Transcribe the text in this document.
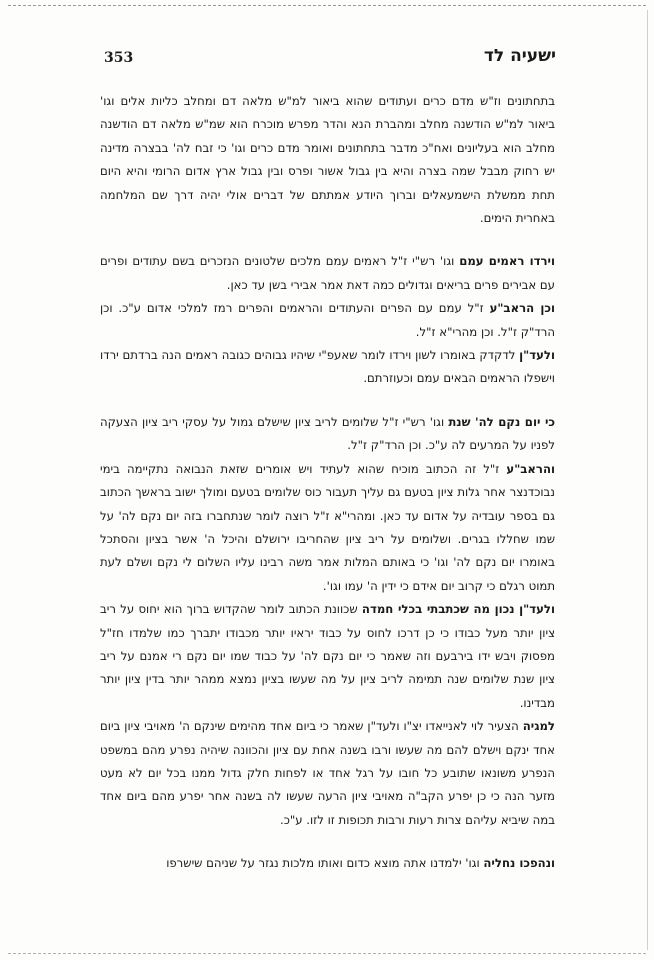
353	ישעיה לד

בתחתונים וז"ש מדם כרים ועתודים שהוא ביאור למ"ש מלאה דם ומחלב כליות אלים וגו' ביאור למ"ש הודשנה מחלב ומהברת הנא והדר מפרש מוכרח הוא שמ"ש מלאה דם הודשנה מחלב הוא בעליונים ואח"כ מדבר בתחתונים ואומר מדם כרים וגו' כי זבח לה' בבצרה מדינה יש רחוק מבבל שמה בצרה והיא בין גבול אשור ופרס ובין גבול ארץ אדום הרומי והיא היום תחת ממשלת הישמעאלים וברוך היודע אמתתם של דברים אולי יהיה דרך שם המלחמה באחרית הימים.

וירדו ראמים עמם וגו' רש"י ז"ל ראמים עמם מלכים שלטונים הנזכרים בשם עתודים ופרים עם אבירים פרים בריאים וגדולים כמה דאת אמר אבירי בשן עד כאן.

וכן הראב"ע ז"ל עמם עם הפרים והעתודים והראמים והפרים רמז למלכי אדום ע"כ. וכן הרד"ק ז"ל. וכן מהרי"א ז"ל.

ולעד"ן לדקדק באומרו לשון וירדו לומר שאעפ"י שיהיו גבוהים כגובה ראמים הנה ברדתם ירדו וישפלו הראמים הבאים עמם וכעוזרתם.

כי יום נקם לה' שנת וגו' רש"י ז"ל שלומים לריב ציון שישלם גמול על עסקי ריב ציון הצעקה לפניו על המרעים לה ע"כ. וכן הרד"ק ז"ל.

והראב"ע ז"ל זה הכתוב מוכיח שהוא לעתיד ויש אומרים שזאת הנבואה נתקיימה בימי נבוכדנצר אחר גלות ציון בטעם גם עליך תעבור כוס שלומים בטעם ומולך ישוב בראשך הכתוב גם בספר עובדיה על אדום עד כאן. ומהרי"א ז"ל רוצה לומר שנתחברו בזה יום נקם לה' על שמו שחללו בגרים. ושלומים על ריב ציון שהחריבו ירושלם והיכל ה' אשר בציון והסתכל באומרו יום נקם לה' וגו' כי באותם המלות אמר משה רבינו עליו השלום לי נקם ושלם לעת תמוט רגלם כי קרוב יום אידם כי ידין ה' עמו וגו'.

ולעד"ן נכון מה שכתבתי בכלי חמדה שכוונת הכתוב לומר שהקדוש ברוך הוא יחוס על ריב ציון יותר מעל כבודו כי כן דרכו לחוס על כבוד יראיו יותר מכבודו יתברך כמו שלמדו חז"ל מפסוק ויבש ידו בירבעם וזה שאמר כי יום נקם לה' על כבוד שמו יום נקם רי אמנם על ריב ציון שנת שלומים שנה תמימה לריב ציון על מה שעשו בציון נמצא ממהר יותר בדין ציון יותר מבדינו.

למגיה הצעיר לוי לאנייאדו יצ"ו ולעד"ן שאמר כי ביום אחד מהימים שינקם ה' מאויבי ציון ביום אחד ינקם וישלם להם מה שעשו ורבו בשנה אחת עם ציון והכוונה שיהיה נפרע מהם במשפט הנפרע משונאו שתובע כל חובו על רגל אחד או לפחות חלק גדול ממנו בכל יום לא מעט מזער הנה כי כן יפרע הקב"ה מאויבי ציון הרעה שעשו לה בשנה אחר יפרע מהם ביום אחד במה שיביא עליהם צרות רעות ורבות תכופות זו לזו. ע"כ.

ונהפכו נחליה וגו' ילמדנו אתה מוצא כדום ואותו מלכות נגזר על שניהם שישרפו
